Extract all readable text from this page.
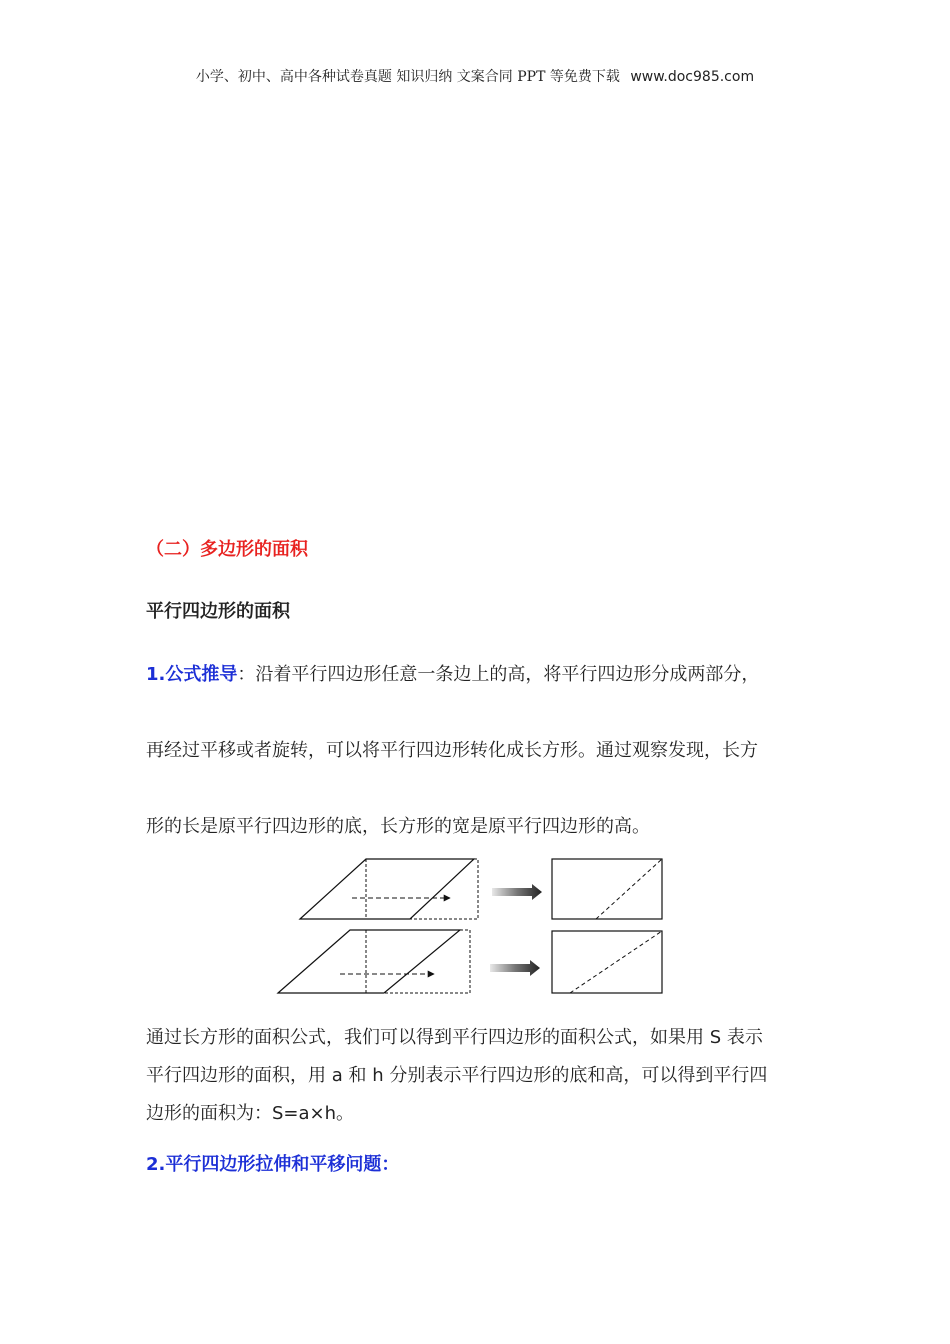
小学、初中、高中各种试卷真题 知识归纳 文案合同 PPT 等免费下载 www.doc985.com
（二）多边形的面积
平行四边形的面积
1.公式推导：沿着平行四边形任意一条边上的高，将平行四边形分成两部分，
再经过平移或者旋转，可以将平行四边形转化成长方形。通过观察发现，长方
形的长是原平行四边形的底，长方形的宽是原平行四边形的高。
通过长方形的面积公式，我们可以得到平行四边形的面积公式，如果用 S 表示
平行四边形的面积，用 a 和 h 分别表示平行四边形的底和高，可以得到平行四
边形的面积为：S=a×h。
2.平行四边形拉伸和平移问题：
